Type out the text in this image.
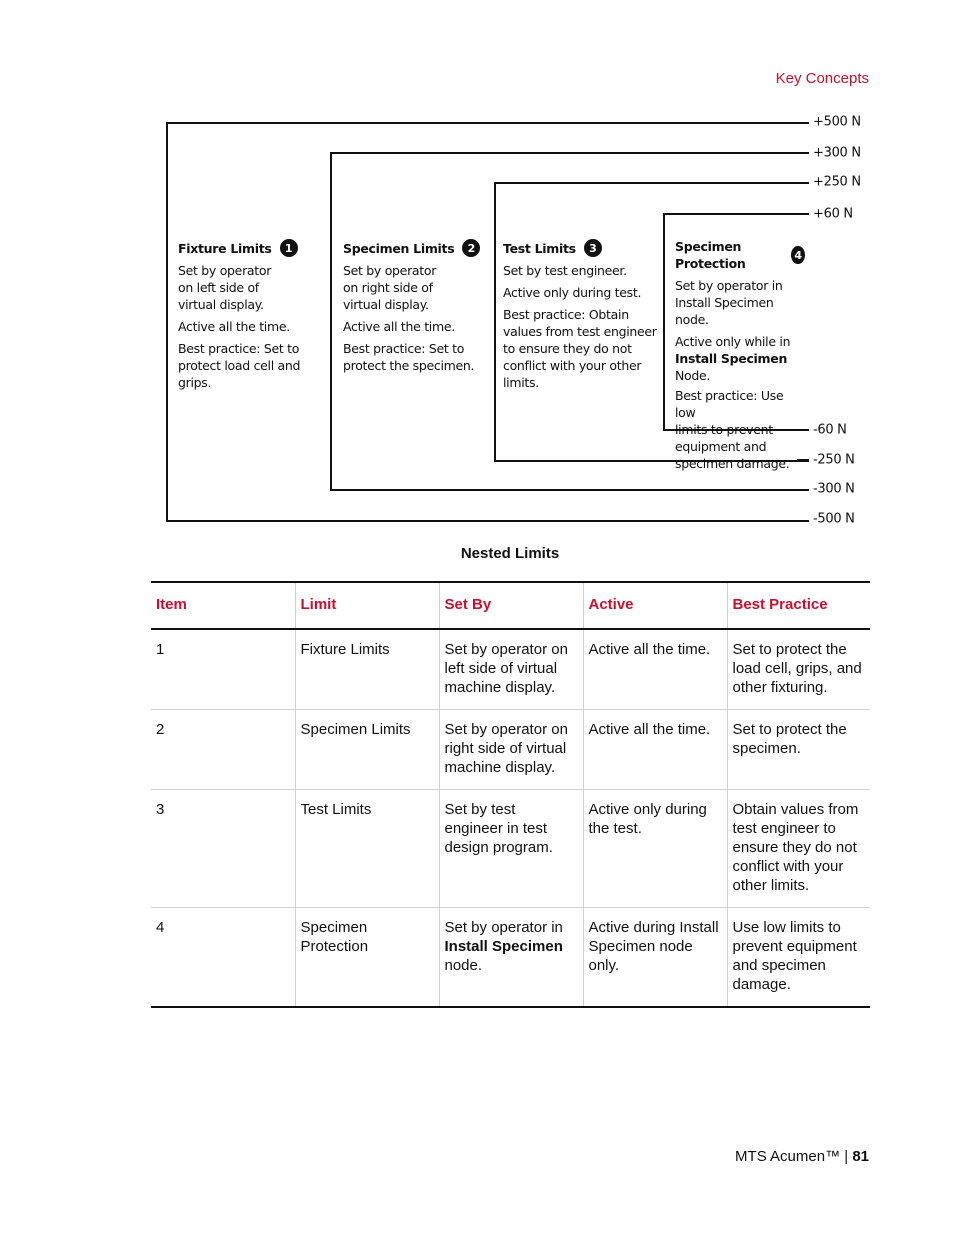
Key Concepts
+500 N
+300 N
+250 N
+60 N
-60 N
-250 N
-300 N
-500 N
Fixture Limits	1

Set by operator
on left side of
virtual display.

Active all the time.

Best practice: Set to
protect load cell and
grips.

Specimen Limits	2

Set by operator
on right side of
virtual display.

Active all the time.

Best practice: Set to
protect the specimen.

Test Limits	3

Set by test engineer.

Active only during test.

Best practice: Obtain
values from test engineer
to ensure they do not
conflict with your other
limits.

Specimen Protection
4

Set by operator in
Install Specimen node.

Active only while in
Install Specimen Node.

Best practice: Use low
limits to prevent
equipment and
specimen damage.

Nested Limits
Item	Limit	Set By	Active	Best Practice
1	Fixture Limits	Set by operator on left side of virtual machine display.	Active all the time.	Set to protect the load cell, grips, and other fixturing.
2	Specimen Limits	Set by operator on right side of virtual machine display.	Active all the time.	Set to protect the specimen.
3	Test Limits	Set by test engineer in test design program.	Active only during the test.	Obtain values from test engineer to ensure they do not conflict with your other limits.
4	Specimen Protection	Set by operator in Install Specimen node.	Active during Install Specimen node only.	Use low limits to prevent equipment and specimen damage.
MTS Acumen™ | 81
